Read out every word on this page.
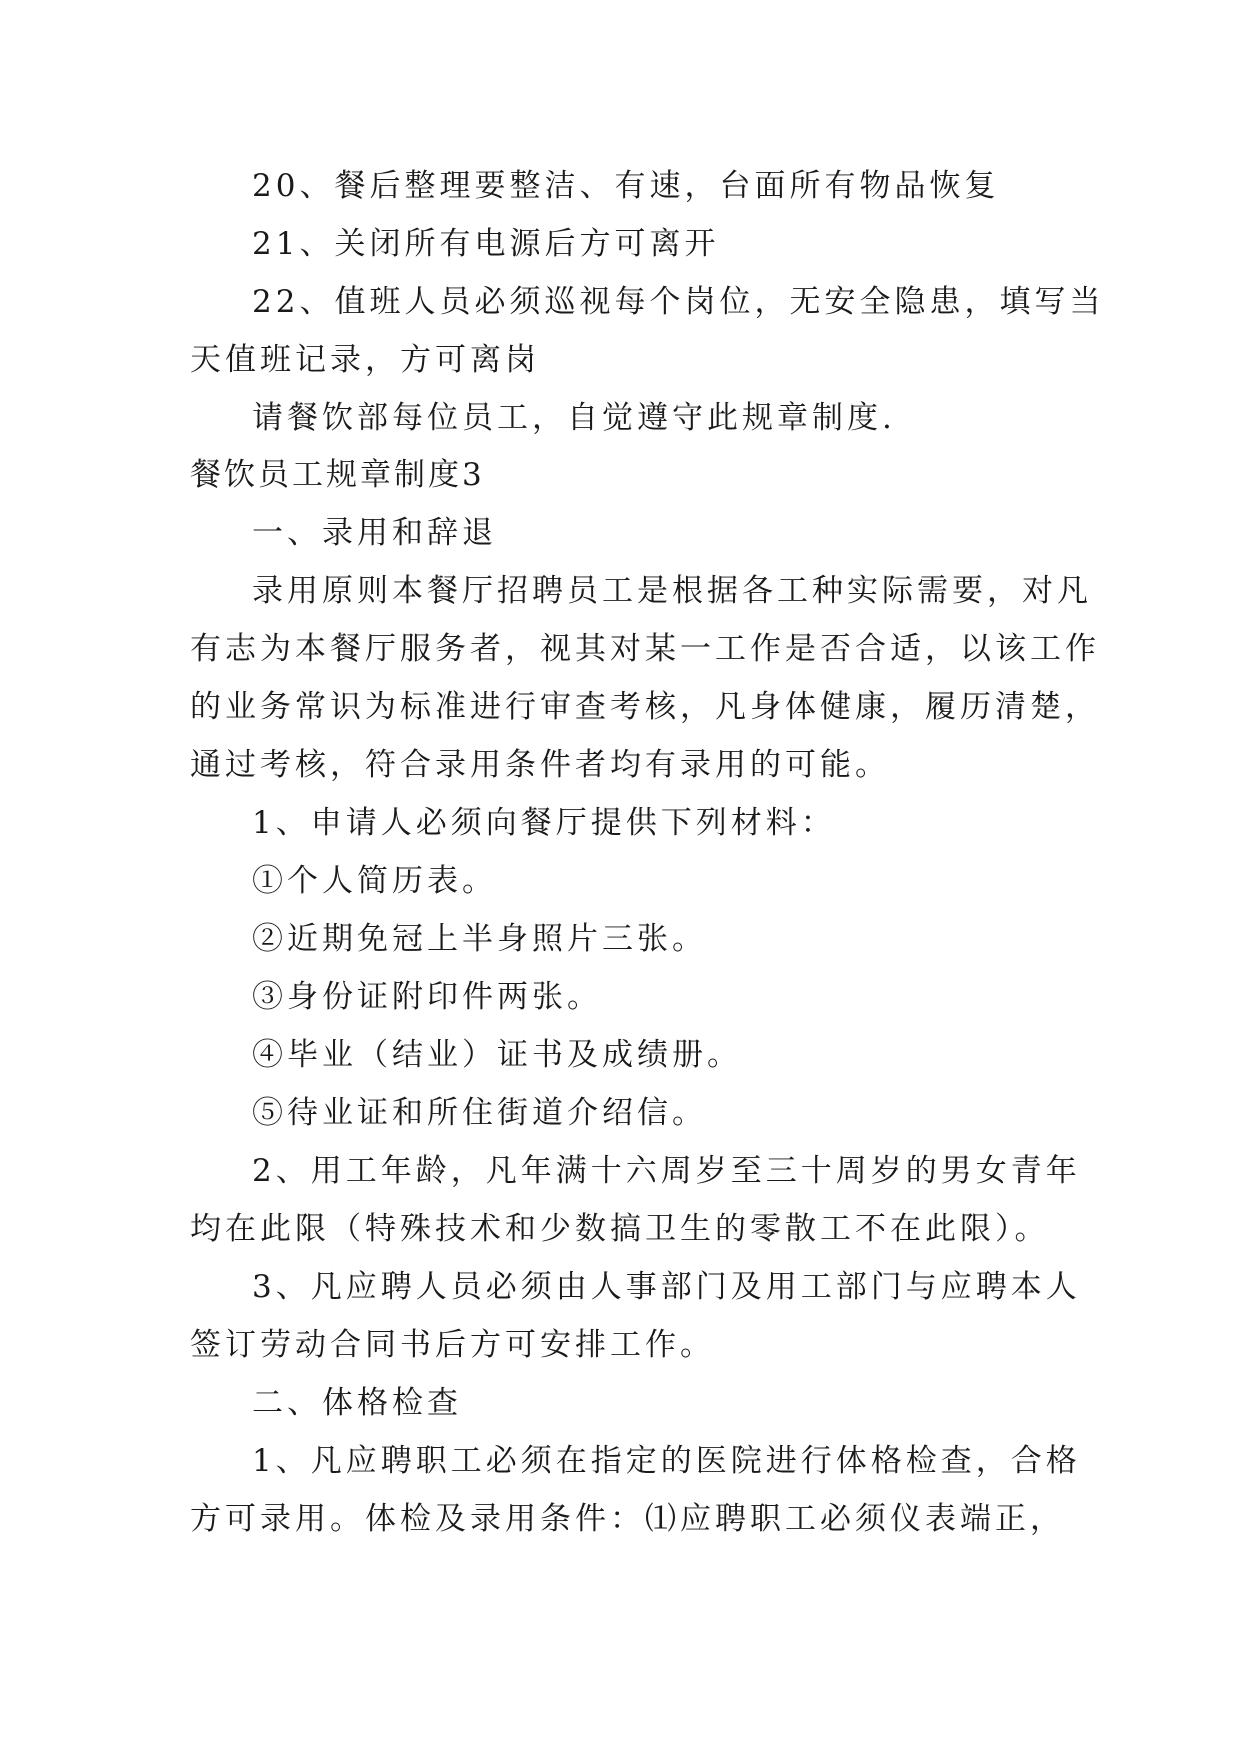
20、餐后整理要整洁、有速，台面所有物品恢复
21、关闭所有电源后方可离开
22、值班人员必须巡视每个岗位，无安全隐患，填写当
天值班记录，方可离岗
请餐饮部每位员工，自觉遵守此规章制度.
餐饮员工规章制度3
一、录用和辞退
录用原则本餐厅招聘员工是根据各工种实际需要，对凡
有志为本餐厅服务者，视其对某一工作是否合适，以该工作
的业务常识为标准进行审查考核，凡身体健康，履历清楚，
通过考核，符合录用条件者均有录用的可能。
1、申请人必须向餐厅提供下列材料：
①个人简历表。
②近期免冠上半身照片三张。
③身份证附印件两张。
④毕业（结业）证书及成绩册。
⑤待业证和所住街道介绍信。
2、用工年龄，凡年满十六周岁至三十周岁的男女青年
均在此限（特殊技术和少数搞卫生的零散工不在此限）。
3、凡应聘人员必须由人事部门及用工部门与应聘本人
签订劳动合同书后方可安排工作。
二、体格检查
1、凡应聘职工必须在指定的医院进行体格检查，合格
方可录用。体检及录用条件：⑴应聘职工必须仪表端正，
